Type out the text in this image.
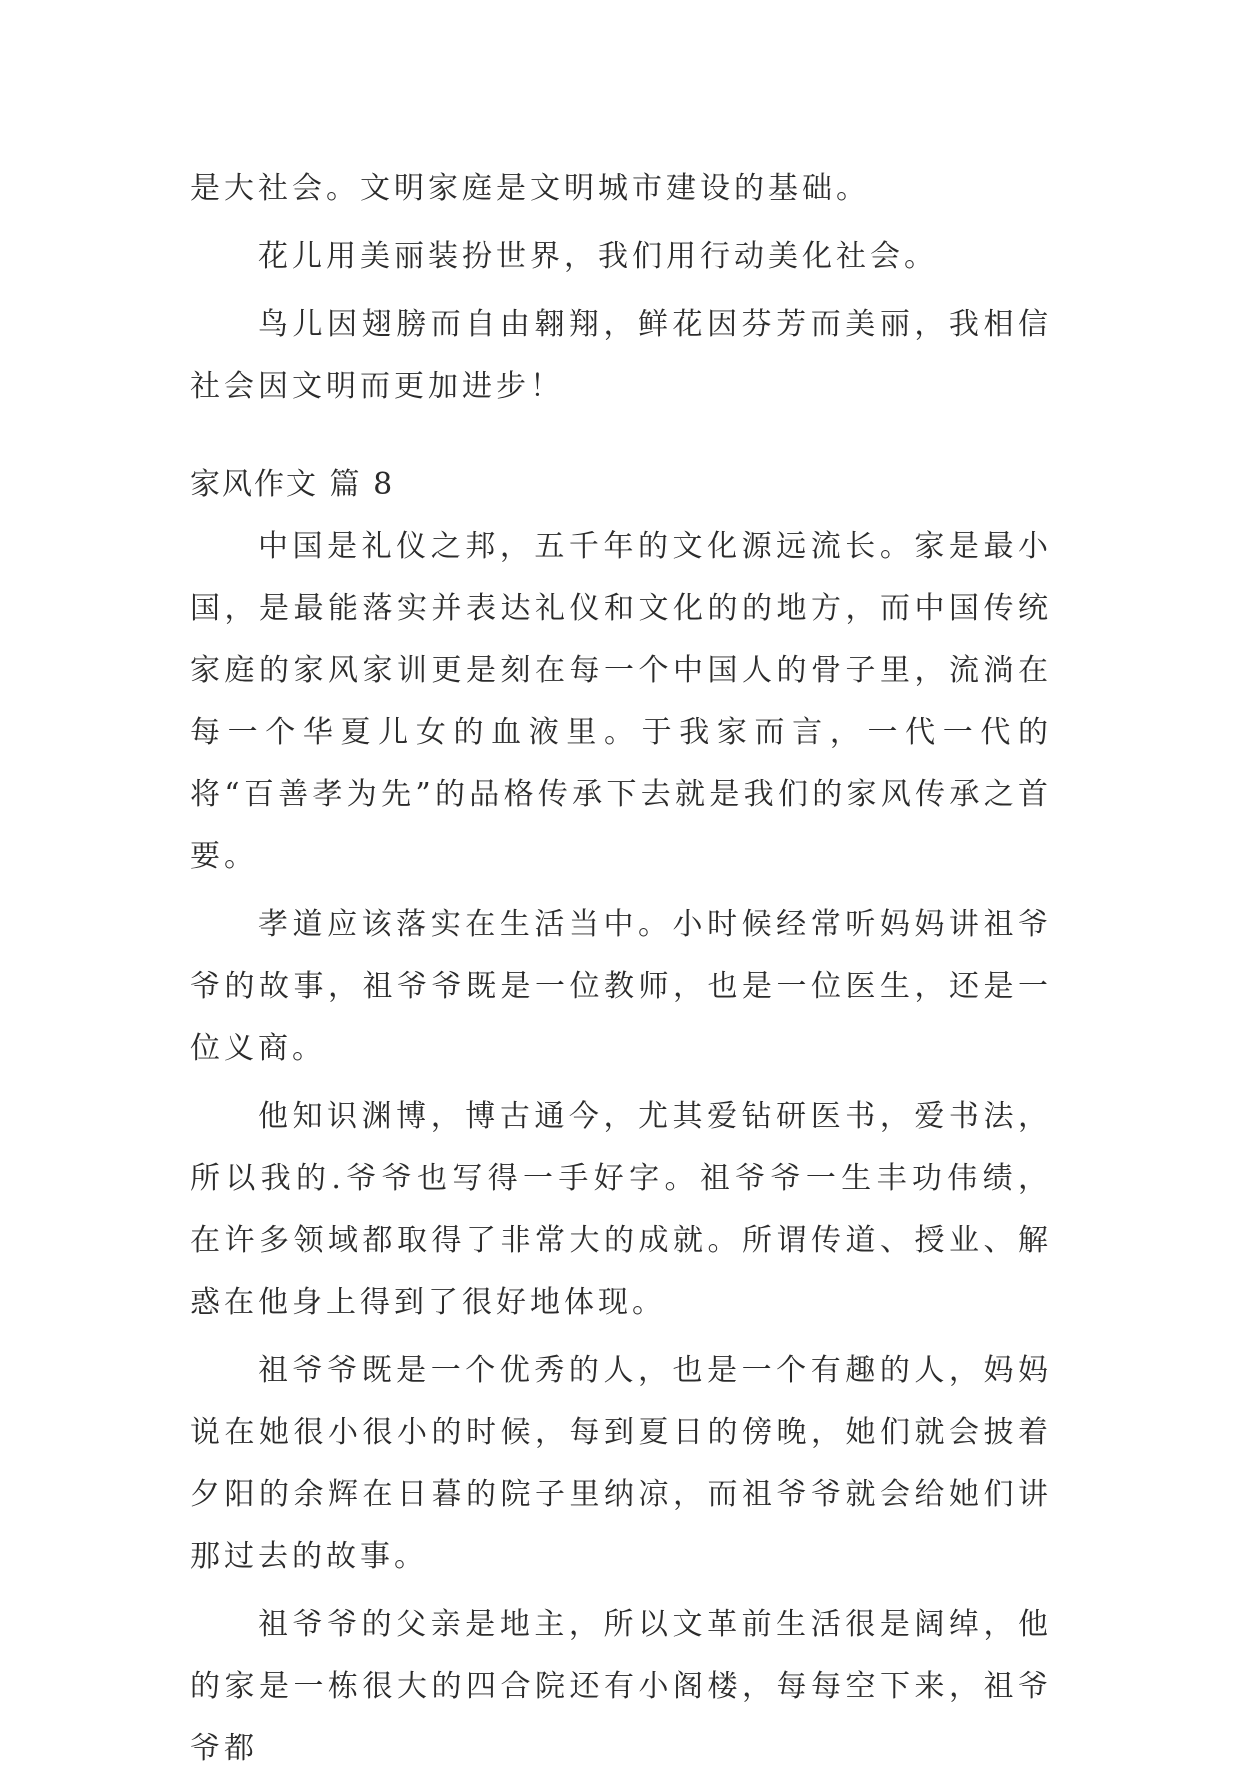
是大社会。文明家庭是文明城市建设的基础。

花儿用美丽装扮世界，我们用行动美化社会。

鸟儿因翅膀而自由翱翔，鲜花因芬芳而美丽，我相信社会因文明而更加进步！

家风作文 篇 8

中国是礼仪之邦，五千年的文化源远流长。家是最小国，是最能落实并表达礼仪和文化的的地方，而中国传统家庭的家风家训更是刻在每一个中国人的骨子里，流淌在每一个华夏儿女的血液里。于我家而言，一代一代的将“百善孝为先”的品格传承下去就是我们的家风传承之首要。

孝道应该落实在生活当中。小时候经常听妈妈讲祖爷爷的故事，祖爷爷既是一位教师，也是一位医生，还是一位义商。

他知识渊博，博古通今，尤其爱钻研医书，爱书法，所以我的.爷爷也写得一手好字。祖爷爷一生丰功伟绩，在许多领域都取得了非常大的成就。所谓传道、授业、解惑在他身上得到了很好地体现。

祖爷爷既是一个优秀的人，也是一个有趣的人，妈妈说在她很小很小的时候，每到夏日的傍晚，她们就会披着夕阳的余辉在日暮的院子里纳凉，而祖爷爷就会给她们讲那过去的故事。

祖爷爷的父亲是地主，所以文革前生活很是阔绰，他的家是一栋很大的四合院还有小阁楼，每每空下来，祖爷爷都
